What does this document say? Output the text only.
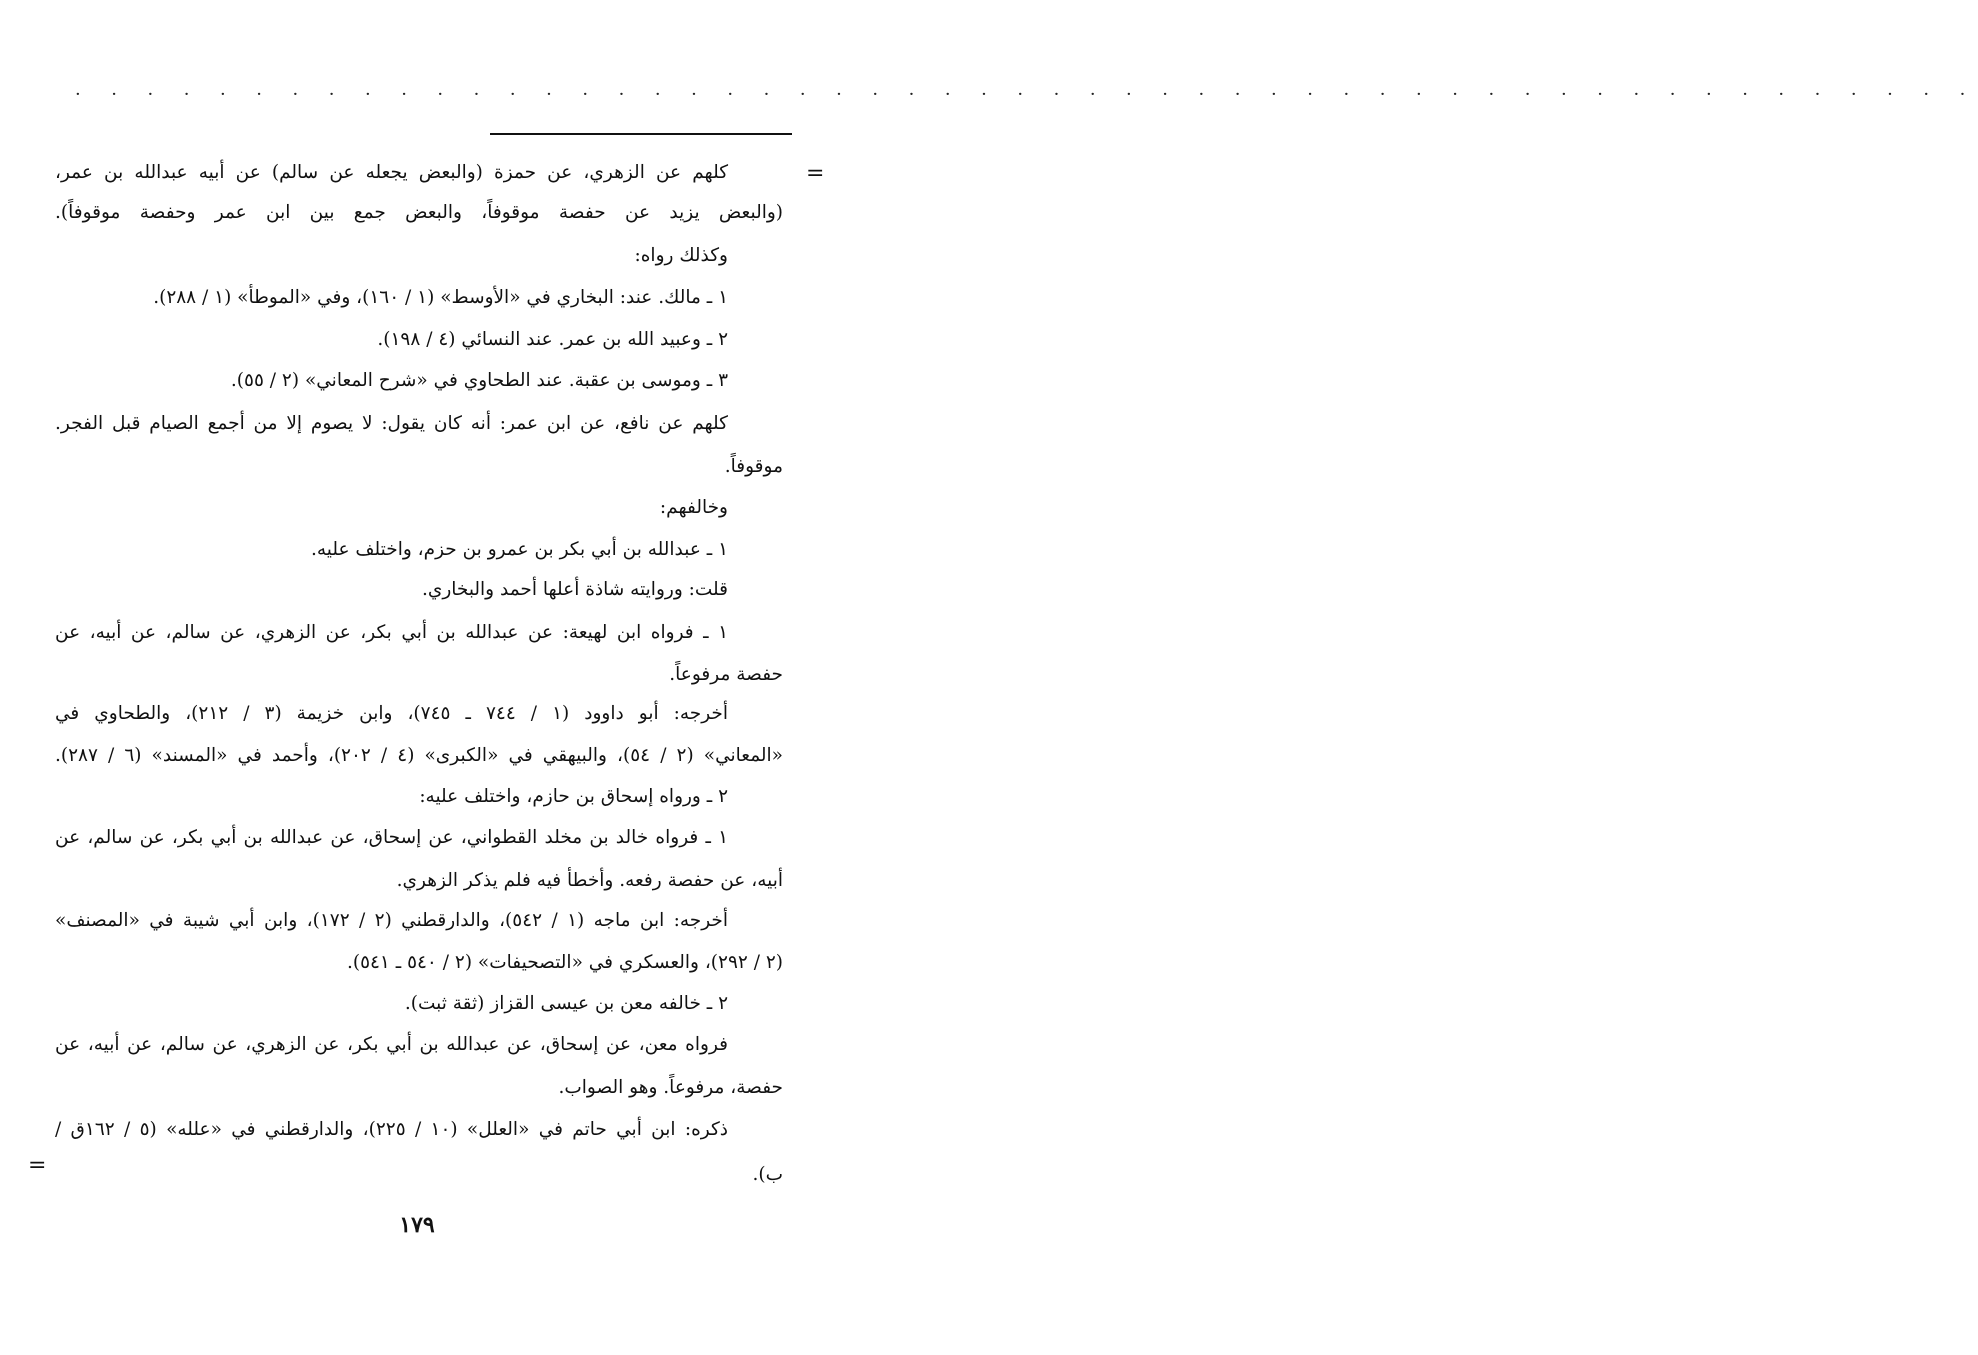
· · · · · · · · · · · · · · · · · · · · · · · · · · · · · · · · · · · · · · · · · · · · · · · · · · · · ·
=
=
كلهم عن الزهري، عن حمزة (والبعض يجعله عن سالم) عن أبيه عبدالله بن عمر،
(والبعض يزيد عن حفصة موقوفاً، والبعض جمع بين ابن عمر وحفصة موقوفاً).
وكذلك رواه:
١ ـ مالك. عند: البخاري في «الأوسط» (١ / ١٦٠)، وفي «الموطأ» (١ / ٢٨٨).
٢ ـ وعبيد الله بن عمر. عند النسائي (٤ / ١٩٨).
٣ ـ وموسى بن عقبة. عند الطحاوي في «شرح المعاني» (٢ / ٥٥).
كلهم عن نافع، عن ابن عمر: أنه كان يقول: لا يصوم إلا من أجمع الصيام قبل الفجر.
موقوفاً.
وخالفهم:
١ ـ عبدالله بن أبي بكر بن عمرو بن حزم، واختلف عليه.
قلت: وروايته شاذة أعلها أحمد والبخاري.
١ ـ فرواه ابن لهيعة: عن عبدالله بن أبي بكر، عن الزهري، عن سالم، عن أبيه، عن
حفصة مرفوعاً.
أخرجه: أبو داوود (١ / ٧٤٤ ـ ٧٤٥)، وابن خزيمة (٣ / ٢١٢)، والطحاوي في
«المعاني» (٢ / ٥٤)، والبيهقي في «الكبرى» (٤ / ٢٠٢)، وأحمد في «المسند» (٦ / ٢٨٧).
٢ ـ ورواه إسحاق بن حازم، واختلف عليه:
١ ـ فرواه خالد بن مخلد القطواني، عن إسحاق، عن عبدالله بن أبي بكر، عن سالم، عن
أبيه، عن حفصة رفعه. وأخطأ فيه فلم يذكر الزهري.
أخرجه: ابن ماجه (١ / ٥٤٢)، والدارقطني (٢ / ١٧٢)، وابن أبي شيبة في «المصنف»
(٢ / ٢٩٢)، والعسكري في «التصحيفات» (٢ / ٥٤٠ ـ ٥٤١).
٢ ـ خالفه معن بن عيسى القزاز (ثقة ثبت).
فرواه معن، عن إسحاق، عن عبدالله بن أبي بكر، عن الزهري، عن سالم، عن أبيه، عن
حفصة، مرفوعاً. وهو الصواب.
ذكره: ابن أبي حاتم في «العلل» (١٠ / ٢٢٥)، والدارقطني في «علله» (٥ / ١٦٢ق /
ب).
١٧٩
